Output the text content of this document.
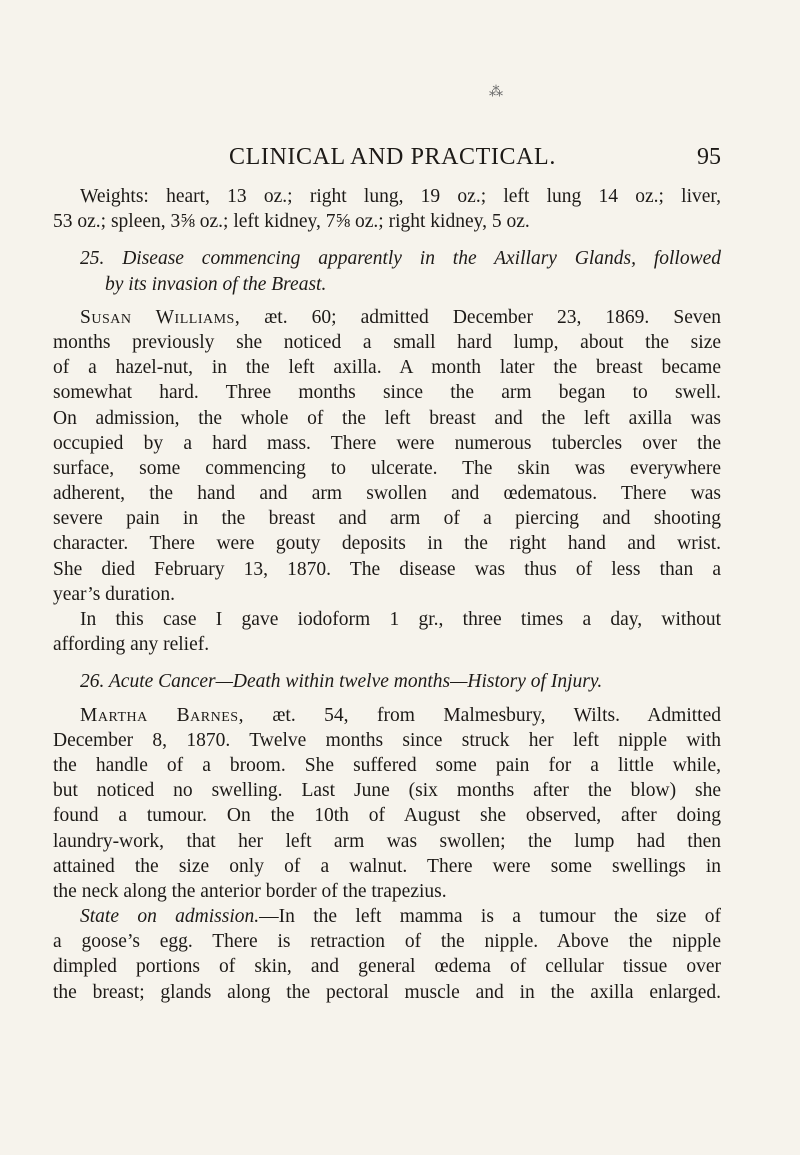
⁂
CLINICAL AND PRACTICAL.	95
Weights: heart, 13 oz.; right lung, 19 oz.; left lung 14 oz.; liver,
53 oz.; spleen, 3⅝ oz.; left kidney, 7⅝ oz.; right kidney, 5 oz.
25. Disease commencing apparently in the Axillary Glands, followed
by its invasion of the Breast.
Susan Williams, æt. 60; admitted December 23, 1869. Seven
months previously she noticed a small hard lump, about the size
of a hazel-nut, in the left axilla. A month later the breast became
somewhat hard. Three months since the arm began to swell.
On admission, the whole of the left breast and the left axilla was
occupied by a hard mass. There were numerous tubercles over the
surface, some commencing to ulcerate. The skin was everywhere
adherent, the hand and arm swollen and œdematous. There was
severe pain in the breast and arm of a piercing and shooting
character. There were gouty deposits in the right hand and wrist.
She died February 13, 1870. The disease was thus of less than a
year’s duration.
In this case I gave iodoform 1 gr., three times a day, without
affording any relief.
26. Acute Cancer—Death within twelve months—History of Injury.
Martha Barnes, æt. 54, from Malmesbury, Wilts. Admitted
December 8, 1870. Twelve months since struck her left nipple with
the handle of a broom. She suffered some pain for a little while,
but noticed no swelling. Last June (six months after the blow) she
found a tumour. On the 10th of August she observed, after doing
laundry-work, that her left arm was swollen; the lump had then
attained the size only of a walnut. There were some swellings in
the neck along the anterior border of the trapezius.
State on admission.—In the left mamma is a tumour the size of
a goose’s egg. There is retraction of the nipple. Above the nipple
dimpled portions of skin, and general œdema of cellular tissue over
the breast; glands along the pectoral muscle and in the axilla enlarged.
